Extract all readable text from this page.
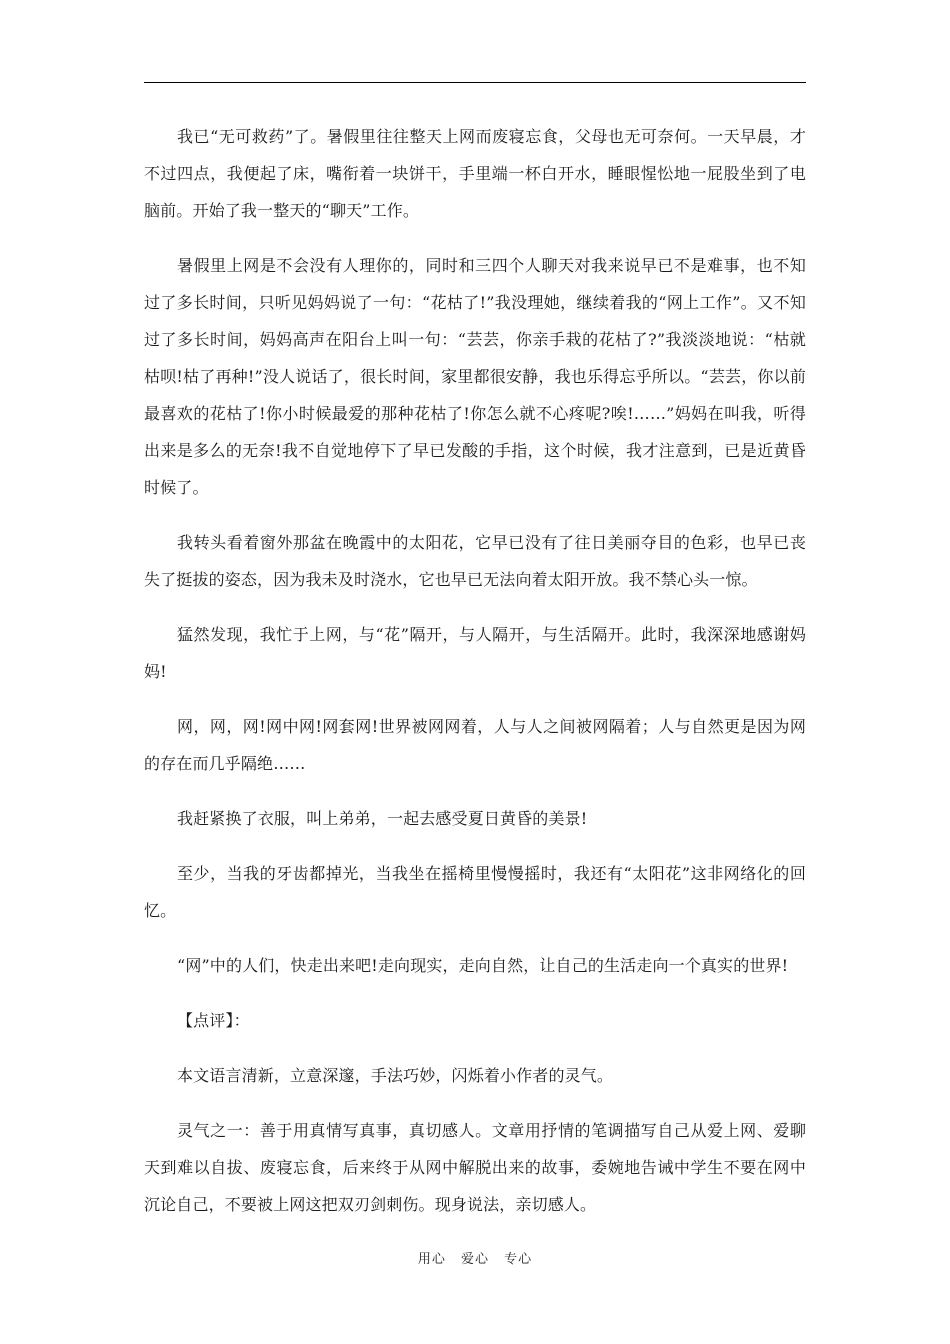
我已“无可救药”了。暑假里往往整天上网而废寝忘食，父母也无可奈何。一天早晨，才不过四点，我便起了床，嘴衔着一块饼干，手里端一杯白开水，睡眼惺忪地一屁股坐到了电脑前。开始了我一整天的“聊天”工作。

暑假里上网是不会没有人理你的，同时和三四个人聊天对我来说早已不是难事，也不知过了多长时间，只听见妈妈说了一句：“花枯了!”我没理她，继续着我的“网上工作”。又不知过了多长时间，妈妈高声在阳台上叫一句：“芸芸，你亲手栽的花枯了?”我淡淡地说：“枯就枯呗!枯了再种!”没人说话了，很长时间，家里都很安静，我也乐得忘乎所以。“芸芸，你以前最喜欢的花枯了!你小时候最爱的那种花枯了!你怎么就不心疼呢?唉!……”妈妈在叫我，听得出来是多么的无奈!我不自觉地停下了早已发酸的手指，这个时候，我才注意到，已是近黄昏时候了。

我转头看着窗外那盆在晚霞中的太阳花，它早已没有了往日美丽夺目的色彩，也早已丧失了挺拔的姿态，因为我未及时浇水，它也早已无法向着太阳开放。我不禁心头一惊。

猛然发现，我忙于上网，与“花”隔开，与人隔开，与生活隔开。此时，我深深地感谢妈妈!

网，网，网!网中网!网套网!世界被网网着，人与人之间被网隔着；人与自然更是因为网的存在而几乎隔绝……

我赶紧换了衣服，叫上弟弟，一起去感受夏日黄昏的美景!

至少，当我的牙齿都掉光，当我坐在摇椅里慢慢摇时，我还有“太阳花”这非网络化的回忆。

“网”中的人们，快走出来吧!走向现实，走向自然，让自己的生活走向一个真实的世界!

【点评】：

本文语言清新，立意深邃，手法巧妙，闪烁着小作者的灵气。

灵气之一：善于用真情写真事，真切感人。文章用抒情的笔调描写自己从爱上网、爱聊天到难以自拔、废寝忘食，后来终于从网中解脱出来的故事，委婉地告诫中学生不要在网中沉论自己，不要被上网这把双刃剑刺伤。现身说法，亲切感人。

用心 爱心 专心
